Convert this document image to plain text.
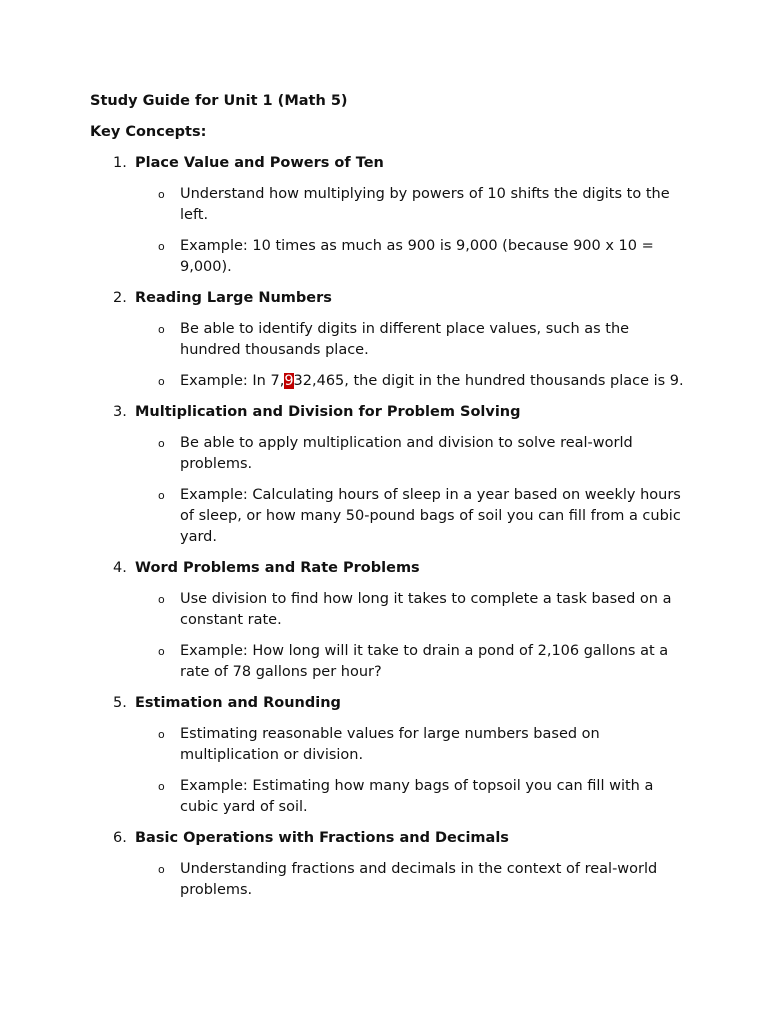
Study Guide for Unit 1 (Math 5)
Key Concepts:
1. Place Value and Powers of Ten
o	Understand how multiplying by powers of 10 shifts the digits to the left.
o	Example: 10 times as much as 900 is 9,000 (because 900 x 10 = 9,000).
2. Reading Large Numbers
o	Be able to identify digits in different place values, such as the hundred thousands place.
o	Example: In 7,932,465, the digit in the hundred thousands place is 9.
3. Multiplication and Division for Problem Solving
o	Be able to apply multiplication and division to solve real-world problems.
o	Example: Calculating hours of sleep in a year based on weekly hours of sleep, or how many 50-pound bags of soil you can fill from a cubic yard.
4. Word Problems and Rate Problems
o	Use division to find how long it takes to complete a task based on a constant rate.
o	Example: How long will it take to drain a pond of 2,106 gallons at a rate of 78 gallons per hour?
5. Estimation and Rounding
o	Estimating reasonable values for large numbers based on multiplication or division.
o	Example: Estimating how many bags of topsoil you can fill with a cubic yard of soil.
6. Basic Operations with Fractions and Decimals
o	Understanding fractions and decimals in the context of real-world problems.
